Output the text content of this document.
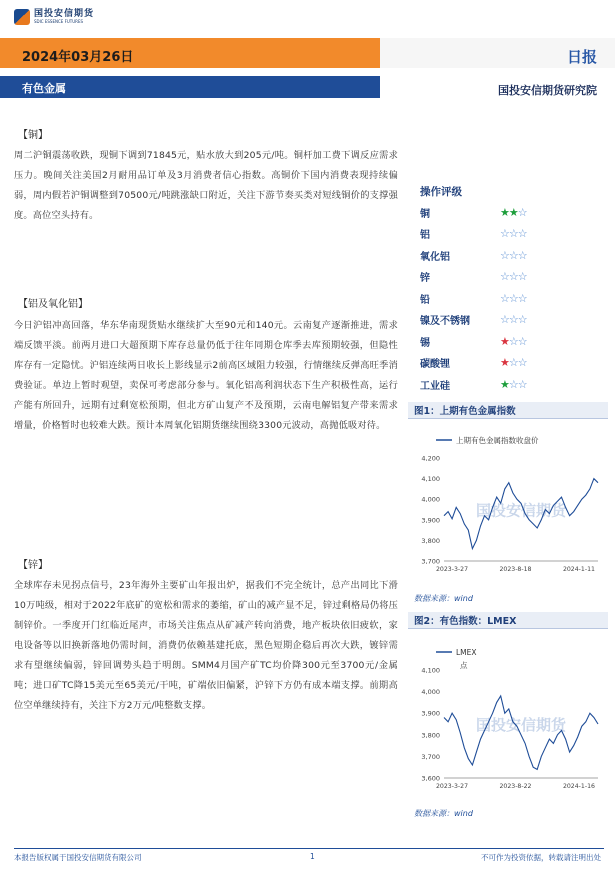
国投安信期货
SDIC ESSENCE FUTURES
2024年03月26日	日报
有色金属	国投安信期货研究院
【铜】
周二沪铜震荡收跌，现铜下调到71845元，贴水放大到205元/吨。铜杆加工费下调反应需求压力。晚间关注美国2月耐用品订单及3月消费者信心指数。高铜价下国内消费表现持续偏弱，周内假若沪铜调整到70500元/吨跳涨缺口附近，关注下游节奏买类对短线铜价的支撑强度。高位空头持有。
【铝及氧化铝】
今日沪铝冲高回落，华东华南现货贴水继续扩大至90元和140元。云南复产逐渐推进，需求端反馈平淡。前两月进口大超预期下库存总量仍低于往年同期仓库季去库预期较强，但隐性库存有一定隐忧。沪铝连续两日收长上影线显示2前高区域阻力较强，行情继续反弹高旺季消费验证。单边上暂时观望，卖保可考虑部分参与。氧化铝高利润状态下生产积极性高，运行产能有所回升，远期有过剩宽松预期，但北方矿山复产不及预期，云南电解铝复产带来需求增量，价格暂时也较难大跌。预计本周氧化铝期货继续围绕3300元波动，高抛低吸对待。
【锌】
全球库存未见拐点信号，23年海外主要矿山年报出炉，据我们不完全统计，总产出同比下滑10万吨级，相对于2022年底矿的宽松和需求的萎缩，矿山的减产显不足，锌过剩格局仍将压制锌价。一季度开门红临近尾声，市场关注焦点从矿减产转向消费，地产板块依旧疲软，家电设备等以旧换新落地仍需时间，消费仍依赖基建托底，黑色短期企稳后再次大跌，镀锌需求有望继续偏弱，锌回调势头趋于明朗。SMM4月国产矿TC均价降300元至3700元/金属吨；进口矿TC降15美元至65美元/干吨，矿端依旧偏紧，沪锌下方仍有成本端支撑。前期高位空单继续持有，关注下方2万元/吨整数支撑。
操作评级
铜	★★☆
铝	☆☆☆
氧化铝	☆☆☆
锌	☆☆☆
铅	☆☆☆
镍及不锈钢	☆☆☆
锡	★☆☆
碳酸锂	★☆☆
工业硅	★☆☆
图1：上期有色金属指数
国投安信期货
上期有色金属指数收盘价
3,700
3,800
3,900
4,000
4,100
4,200
2023-3-27	2023-8-18	2024-1-11
数据来源：wind
图2：有色指数：LMEX
国投安信期货
LMEX
点
3,600
3,700
3,800
3,900
4,000
4,100
2023-3-27	2023-8-22	2024-1-16
数据来源：wind
本报告版权属于国投安信期货有限公司	1	不可作为投资依据，转载请注明出处
